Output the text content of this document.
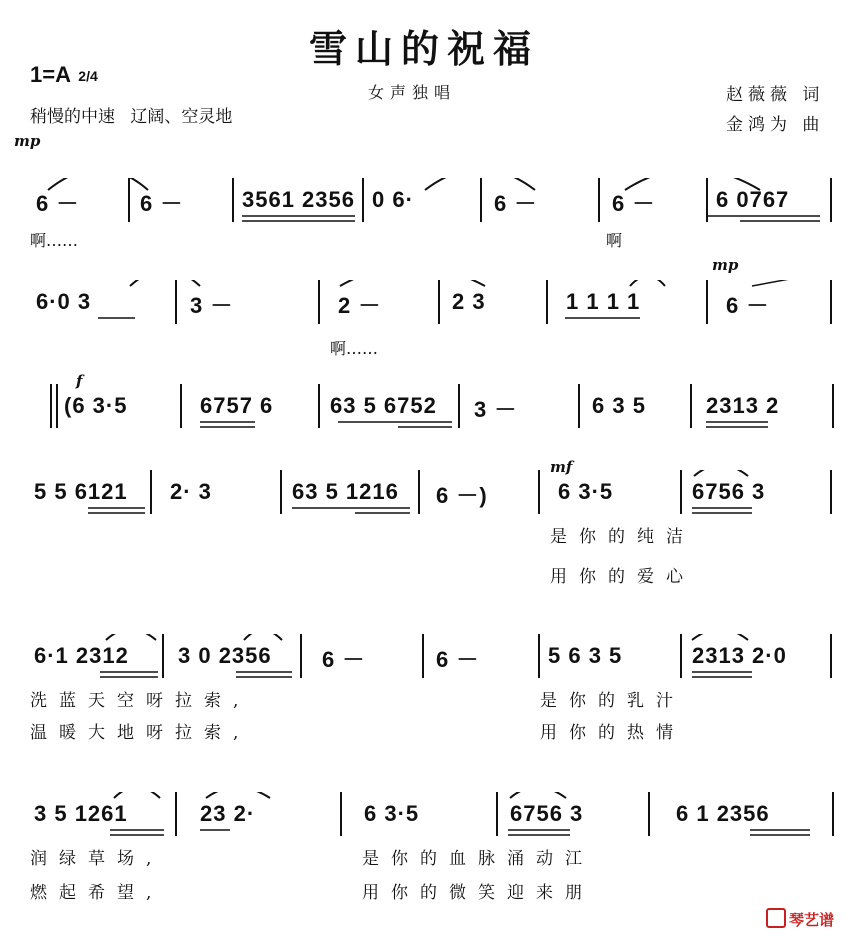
雪山的祝福
1=A 2/4
稍慢的中速 辽阔、空灵地
女声独唱	赵薇薇 词
金鸿为 曲
mp
mp
f
mf
6 －	6 －	3561 2356 0 6·	6 －	6 －	6 0767
啊……	啊
6·0 3	3 －	2 －	2 3	1 1 1 1	6 －
啊……
(6 3·5	6757 6	63 5 6752 3 －	6 3 5	2313 2
5 5 6121 2· 3	63 5 1216 6 －)	6 3·5	6756 3
是你的纯洁
用你的爱心
6·1 2312 3 0 2356 6 －	6 －	5 6 3 5	2313 2·0
洗蓝天空呀拉索,	是你的乳汁
温暖大地呀拉索,	用你的热情
3 5 1261	23 2·	6 3·5	6756 3	6 1 2356
润绿草场,	是你的血脉涌动江
燃起希望,	用你的微笑迎来朋
琴艺谱
